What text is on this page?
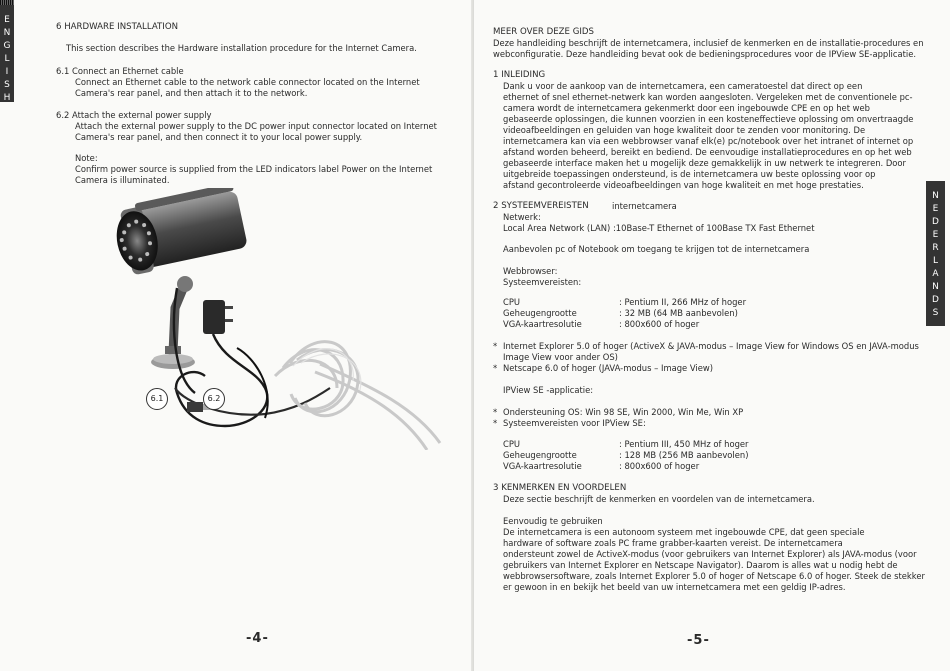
E
N
G
L
I
S
H
6 HARDWARE INSTALLATION
This section describes the Hardware installation procedure for the Internet Camera.
6.1 Connect an Ethernet cable
Connect an Ethernet cable to the network cable connector located on the Internet
Camera's rear panel, and then attach it to the network.
6.2 Attach the external power supply
Attach the external power supply to the DC power input connector located on Internet
Camera's rear panel, and then connect it to your local power supply.
Note:
Confirm power source is supplied from the LED indicators label Power on the Internet
Camera is illuminated.
6.1	6.2
-4-
MEER OVER DEZE GIDS
Deze handleiding beschrijft de internetcamera, inclusief de kenmerken en de installatie-procedures en
webconfiguratie. Deze handleiding bevat ook de bedieningsprocedures voor de IPView SE-applicatie.
1 INLEIDING
Dank u voor de aankoop van de internetcamera, een cameratoestel dat direct op een
ethernet of snel ethernet-netwerk kan worden aangesloten. Vergeleken met de conventionele pc-
camera wordt de internetcamera gekenmerkt door een ingebouwde CPE en op het web
gebaseerde oplossingen, die kunnen voorzien in een kosteneffectieve oplossing om onvertraagde
videoafbeeldingen en geluiden van hoge kwaliteit door te zenden voor monitoring. De
internetcamera kan via een webbrowser vanaf elk(e) pc/notebook over het intranet of internet op
afstand worden beheerd, bereikt en bediend. De eenvoudige installatieprocedures en op het web
gebaseerde interface maken het u mogelijk deze gemakkelijk in uw netwerk te integreren. Door
uitgebreide toepassingen ondersteund, is de internetcamera uw beste oplossing voor op
afstand gecontroleerde videoafbeeldingen van hoge kwaliteit en met hoge prestaties.
2 SYSTEEMVEREISTEN	internetcamera
Netwerk:
Local Area Network (LAN) :10Base-T Ethernet of 100Base TX Fast Ethernet
Aanbevolen pc of Notebook om toegang te krijgen tot de internetcamera
Webbrowser:
Systeemvereisten:
CPU	: Pentium II, 266 MHz of hoger
Geheugengrootte	: 32 MB (64 MB aanbevolen)
VGA-kaartresolutie	: 800x600 of hoger
* Internet Explorer 5.0 of hoger (ActiveX & JAVA-modus – Image View for Windows OS en JAVA-modus
Image View voor ander OS)
* Netscape 6.0 of hoger (JAVA-modus – Image View)
IPView SE -applicatie:
* Ondersteuning OS: Win 98 SE, Win 2000, Win Me, Win XP
* Systeemvereisten voor IPView SE:
CPU	: Pentium III, 450 MHz of hoger
Geheugengrootte	: 128 MB (256 MB aanbevolen)
VGA-kaartresolutie	: 800x600 of hoger
3 KENMERKEN EN VOORDELEN
Deze sectie beschrijft de kenmerken en voordelen van de internetcamera.
Eenvoudig te gebruiken
De internetcamera is een autonoom systeem met ingebouwde CPE, dat geen speciale
hardware of software zoals PC frame grabber-kaarten vereist. De internetcamera
ondersteunt zowel de ActiveX-modus (voor gebruikers van Internet Explorer) als JAVA-modus (voor
gebruikers van Internet Explorer en Netscape Navigator). Daarom is alles wat u nodig hebt de
webbrowsersoftware, zoals Internet Explorer 5.0 of hoger of Netscape 6.0 of hoger. Steek de stekker
er gewoon in en bekijk het beeld van uw internetcamera met een geldig IP-adres.
-5-
N
E
D
E
R
L
A
N
D
S
